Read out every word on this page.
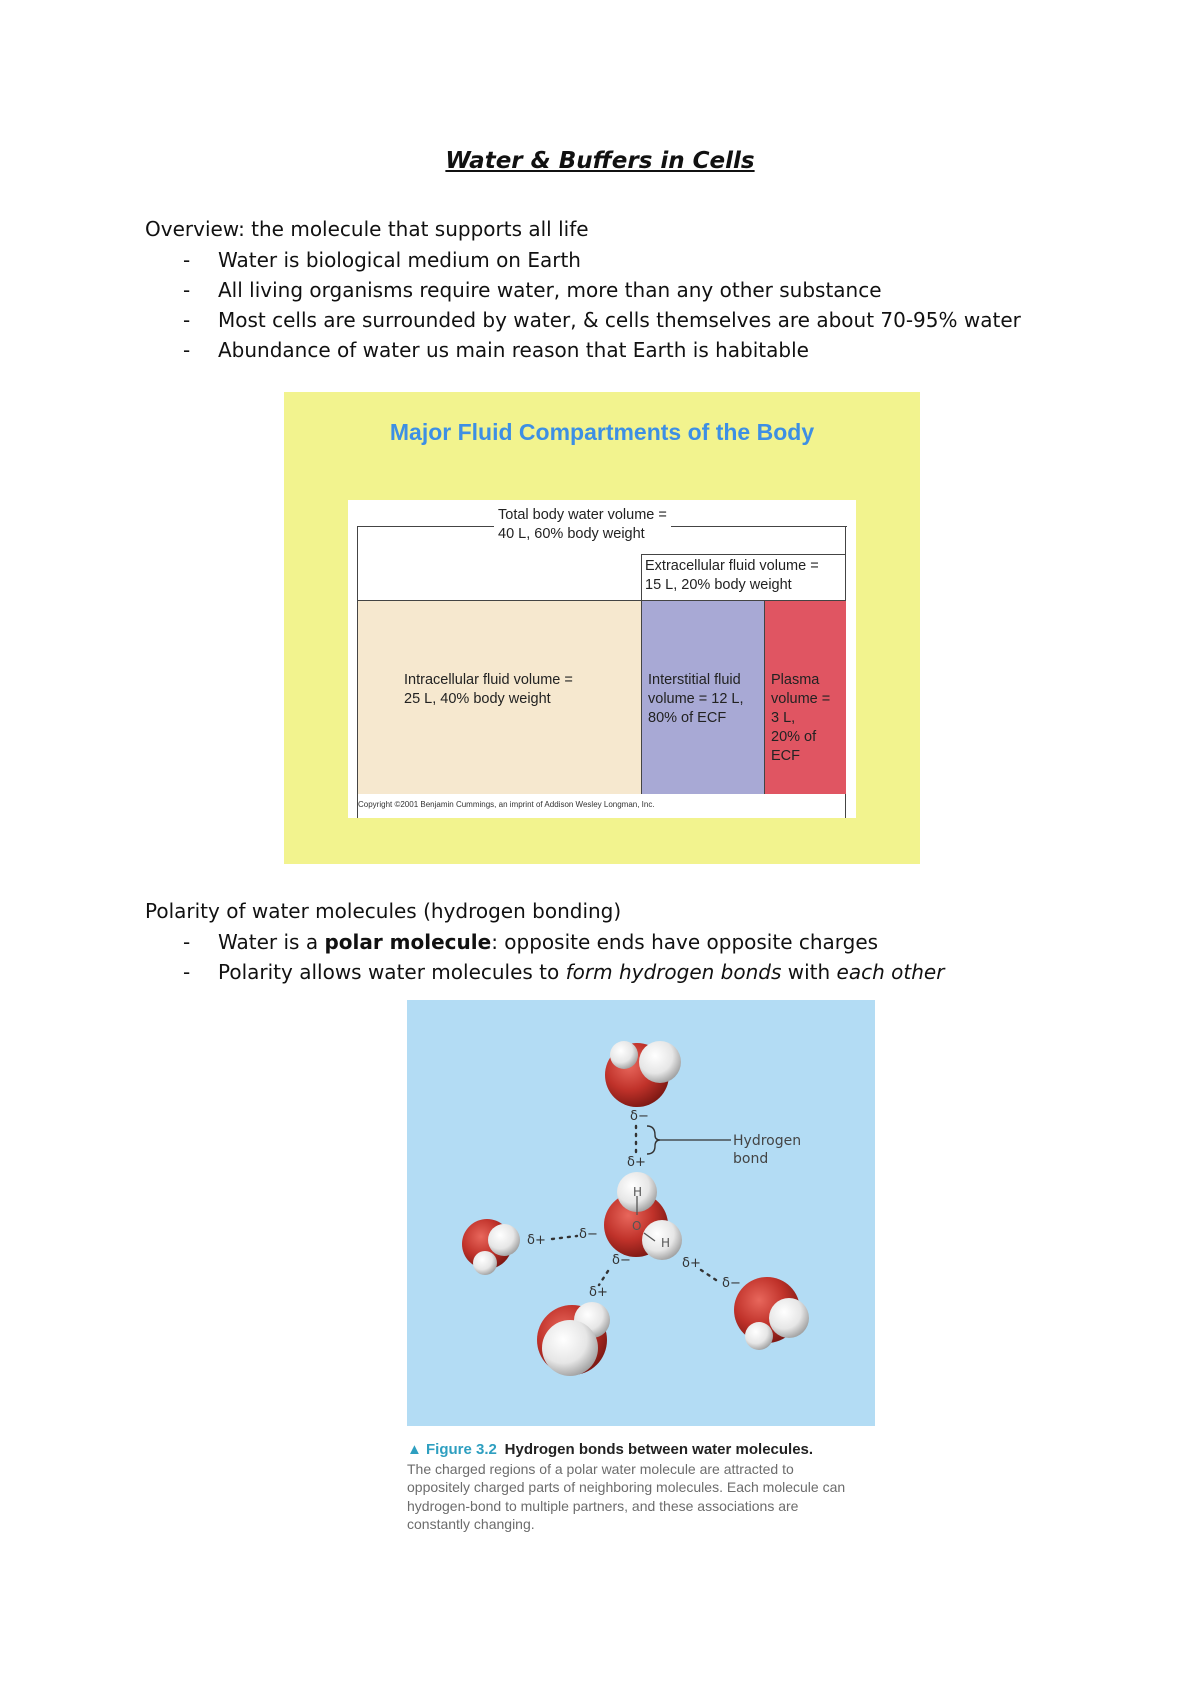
Water & Buffers in Cells
Overview: the molecule that supports all life
- Water is biological medium on Earth
- All living organisms require water, more than any other substance
- Most cells are surrounded by water, & cells themselves are about 70-95% water
- Abundance of water us main reason that Earth is habitable
Major Fluid Compartments of the Body
Total body water volume =
40 L, 60% body weight
Extracellular fluid volume =
15 L, 20% body weight
Intracellular fluid volume =
25 L, 40% body weight
Interstitial fluid
volume = 12 L,
80% of ECF
Plasma
volume =
3 L,
20% of
ECF
Copyright ©2001 Benjamin Cummings, an imprint of Addison Wesley Longman, Inc.
Polarity of water molecules (hydrogen bonding)
- Water is a polar molecule: opposite ends have opposite charges
- Polarity allows water molecules to form hydrogen bonds with each other
δ−
Hydrogen
bond
δ+
H
O
H
δ+	δ−
δ−
δ+
δ+
δ−
▲ Figure 3.2 Hydrogen bonds between water molecules.
The charged regions of a polar water molecule are attracted to
oppositely charged parts of neighboring molecules. Each molecule can
hydrogen-bond to multiple partners, and these associations are
constantly changing.
